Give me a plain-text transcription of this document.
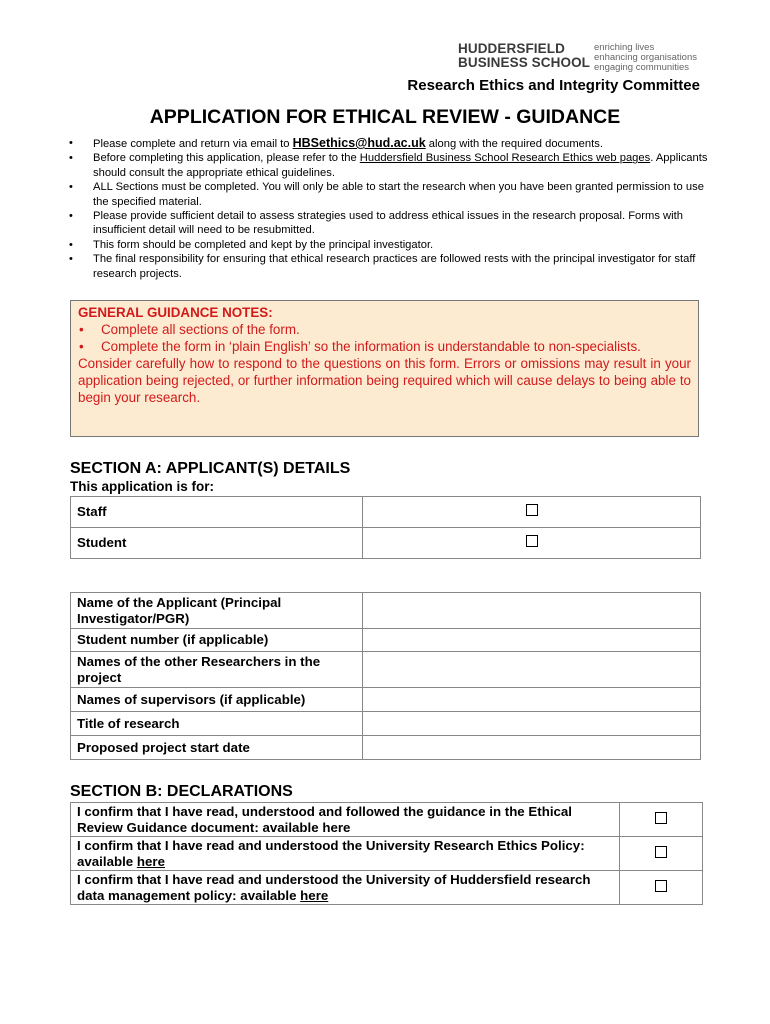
HUDDERSFIELD
BUSINESS SCHOOL
enriching lives
enhancing organisations
engaging communities
Research Ethics and Integrity Committee
APPLICATION FOR ETHICAL REVIEW - GUIDANCE
• Please complete and return via email to HBSethics@hud.ac.uk along with the required documents.
• Before completing this application, please refer to the Huddersfield Business School Research Ethics web pages. Applicants should consult the appropriate ethical guidelines.
• ALL Sections must be completed. You will only be able to start the research when you have been granted permission to use the specified material.
• Please provide sufficient detail to assess strategies used to address ethical issues in the research proposal. Forms with insufficient detail will need to be resubmitted.
• This form should be completed and kept by the principal investigator.
• The final responsibility for ensuring that ethical research practices are followed rests with the principal investigator for staff research projects.
GENERAL GUIDANCE NOTES:
• Complete all sections of the form.
• Complete the form in ‘plain English’ so the information is understandable to non-specialists.
Consider carefully how to respond to the questions on this form. Errors or omissions may result in your application being rejected, or further information being required which will cause delays to being able to begin your research.
SECTION A: APPLICANT(S) DETAILS
This application is for:
Staff	
Student	
Name of the Applicant (Principal Investigator/PGR)	
Student number (if applicable)	
Names of the other Researchers in the project	
Names of supervisors (if applicable)	
Title of research	
Proposed project start date	
SECTION B: DECLARATIONS
I confirm that I have read, understood and followed the guidance in the Ethical Review Guidance document: available here	
I confirm that I have read and understood the University Research Ethics Policy: available here	
I confirm that I have read and understood the University of Huddersfield research data management policy: available here	
